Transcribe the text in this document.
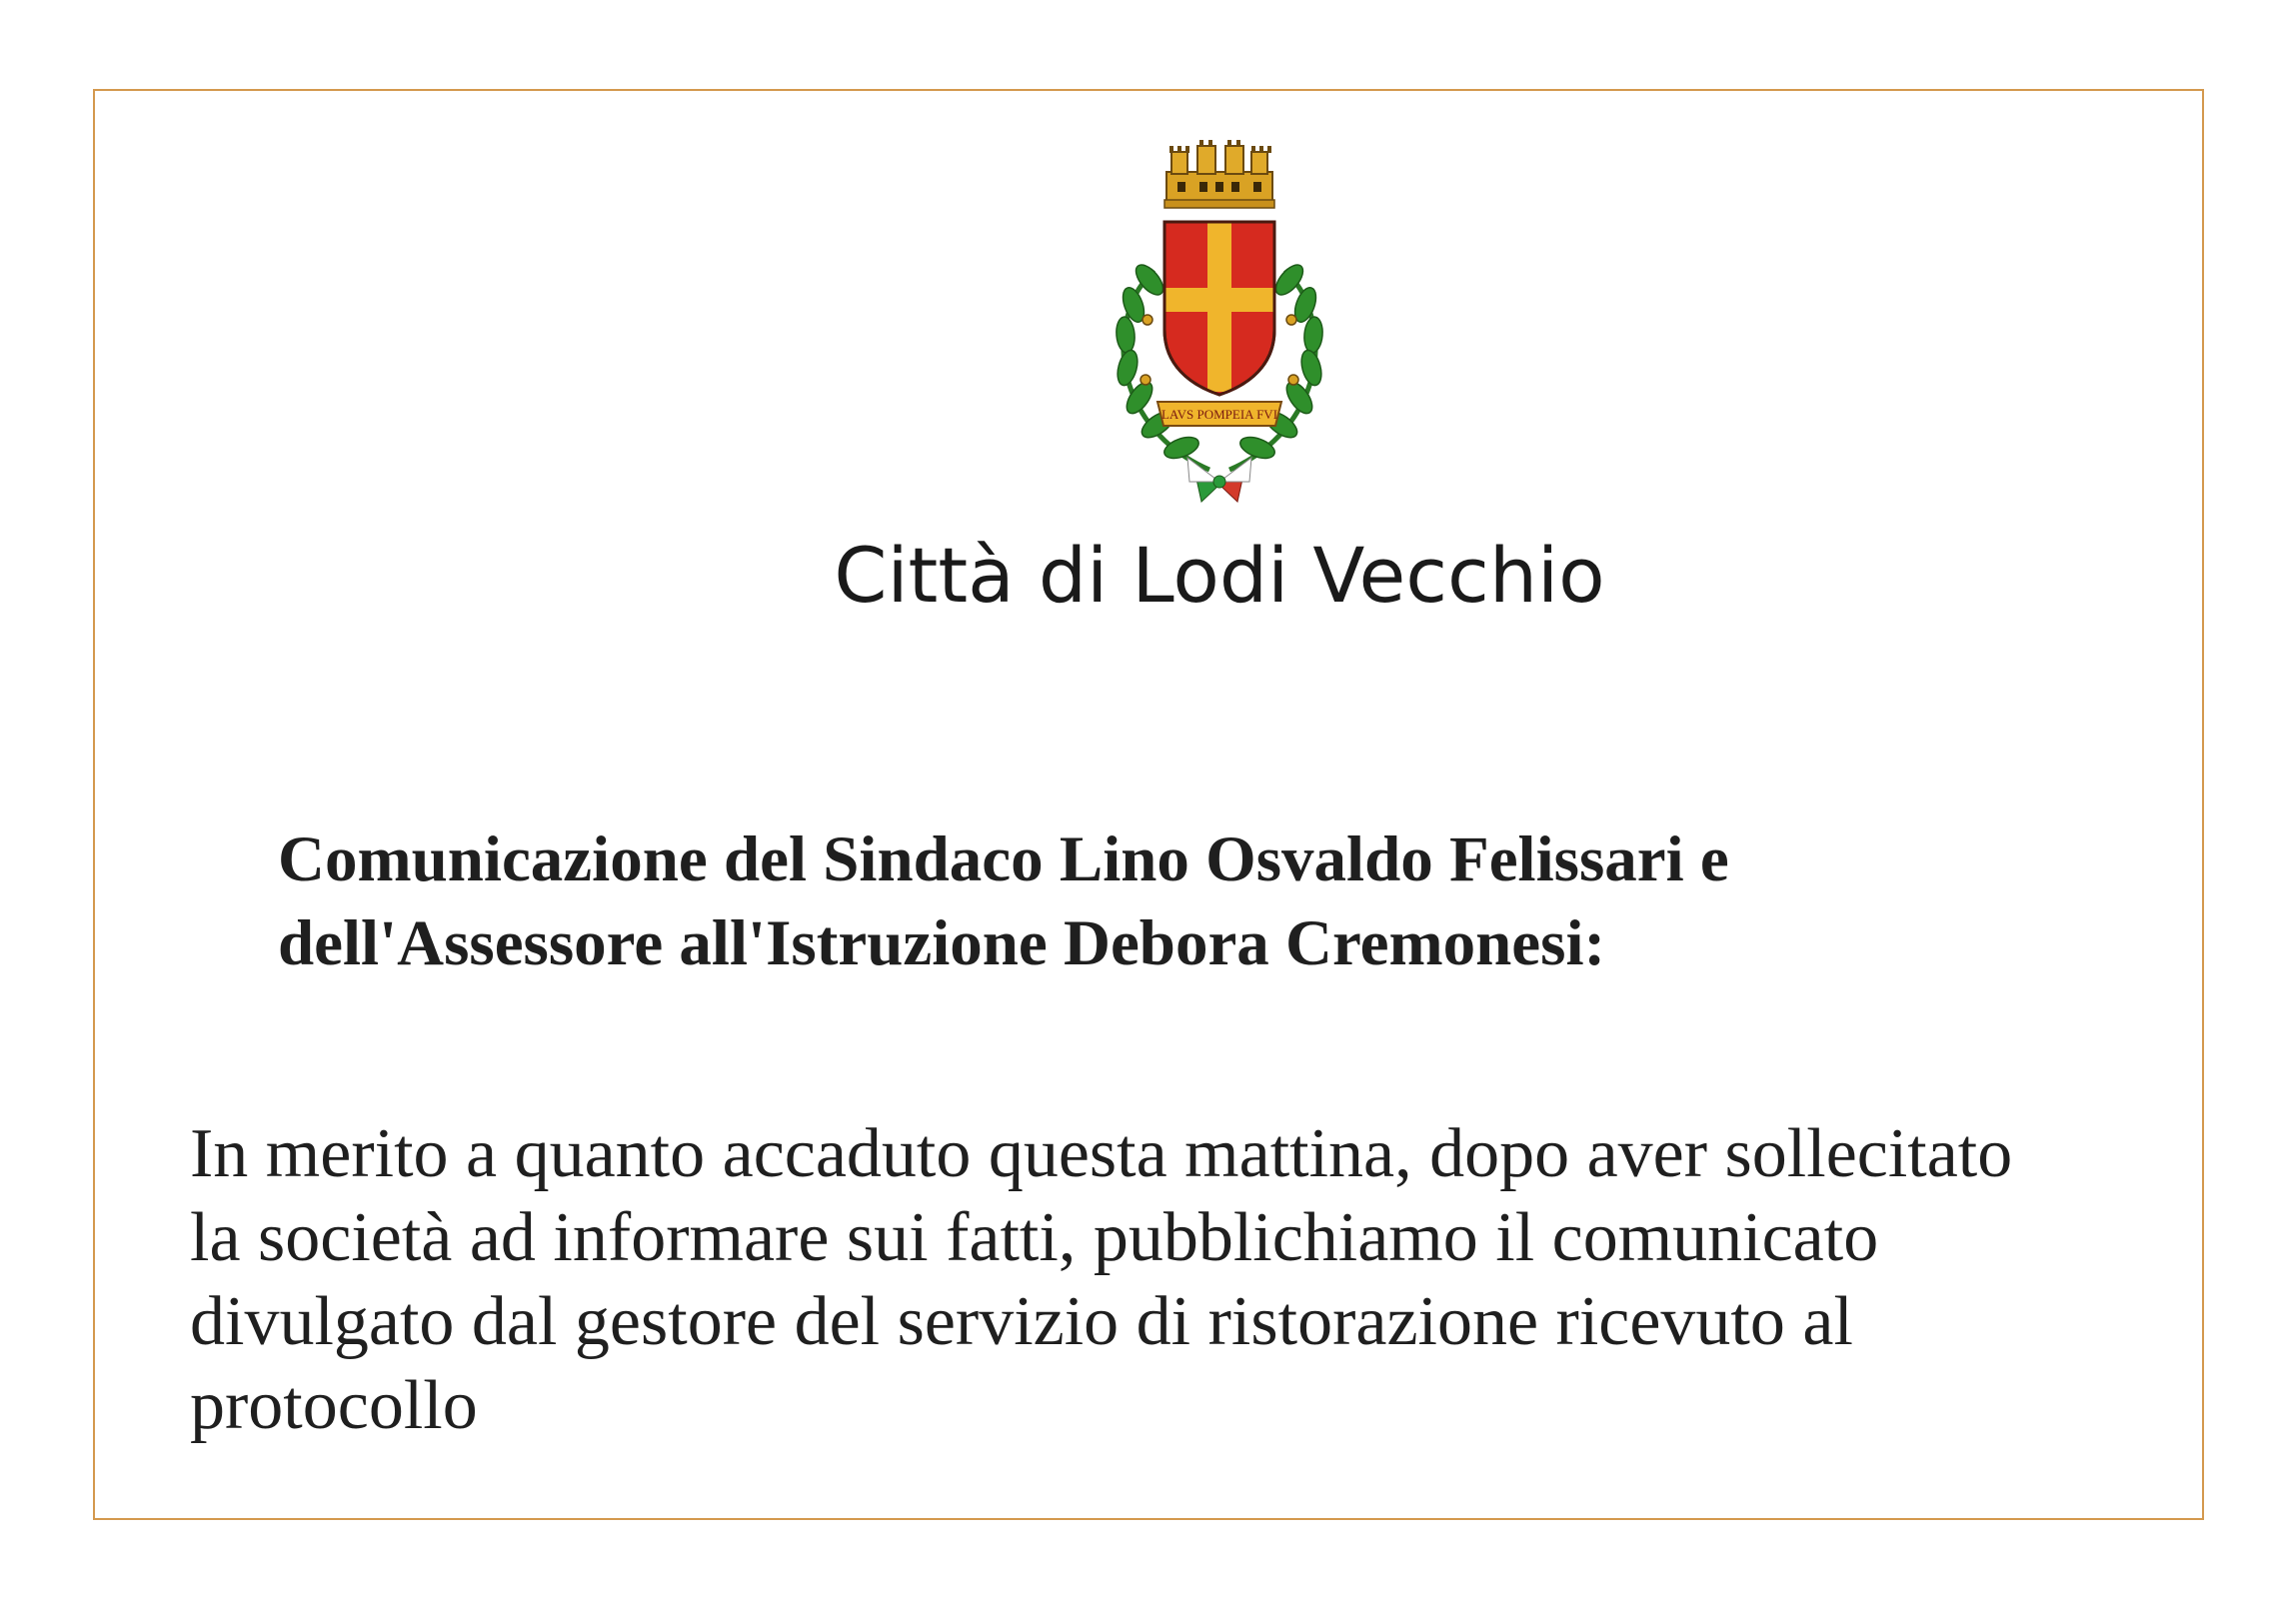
LAVS POMPEIA FVI
Città di Lodi Vecchio
Comunicazione del Sindaco Lino Osvaldo Felissari e
dell'Assessore all'Istruzione Debora Cremonesi:
In merito a quanto accaduto questa mattina, dopo aver sollecitato
la società ad informare sui fatti, pubblichiamo il comunicato
divulgato dal gestore del servizio di ristorazione ricevuto al
protocollo
